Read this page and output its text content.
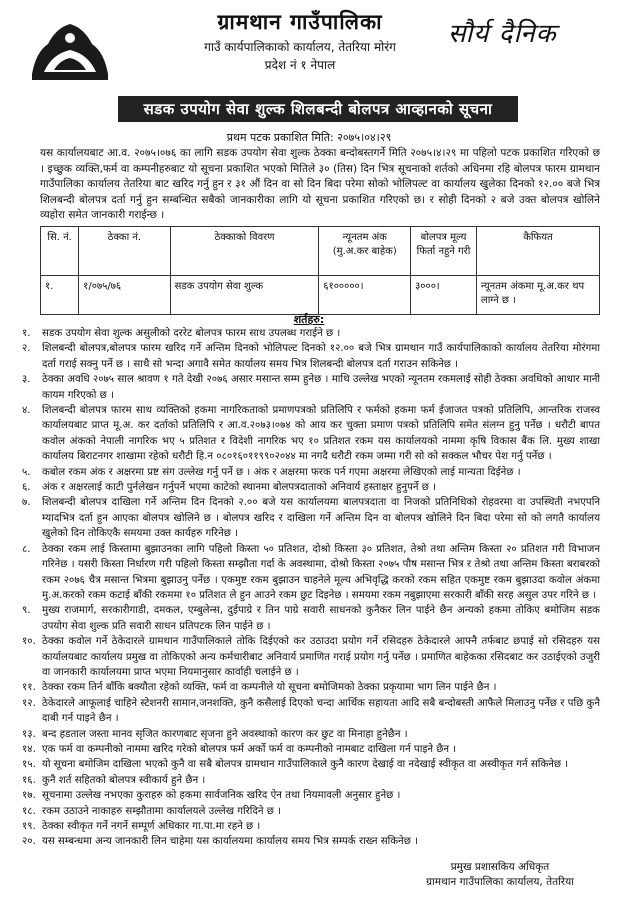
ग्रामथान गाउँपालिका
गाउँ कार्यपालिकाको कार्यालय, तेतरिया मोरंग
प्रदेश नं १ नेपाल
सौर्य दैनिक
सडक उपयोग सेवा शुल्क शिलबन्दी बोलपत्र आव्हानको सूचना
प्रथम पटक प्रकाशित मिति: २०७५।०४।२९
यस कार्यालयबाट आ.व. २०७५।०७६ का लागि सडक उपयोग सेवा शुल्क ठेक्का बन्दोबस्तगर्ने मिति २०७५।४।२९ मा पहिलो पटक प्रकाशित गरिएको छ । इच्छुक व्यक्ति,फर्म वा कम्पनीहरुबाट यो सूचना प्रकाशित भएको मितिले ३० (तिस) दिन भित्र सूचनाको शर्तको अधिनमा रहि बोलपत्र फारम ग्रामथान गाउँपालिका कार्यालय तेतरिया बाट खरिद गर्नु हुन र ३१ औं दिन वा सो दिन बिदा परेमा सोको भोलिपल्ट वा कार्यालय खुलेका दिनको १२.०० बजे भित्र शिलबन्दी बोलपत्र दर्ता गर्नु हुन सम्बन्धित सबैको जानकारीका लागि यो सूचना प्रकाशित गरिएको छ। र सोही दिनको २ बजे उक्त बोलपत्र खोलिने व्यहोरा समेत जानकारी गराईन्छ ।
सि. नं.	ठेक्का नं.	ठेक्काको विवरण	न्यूनतम अंक (मु.अ.कर बाहेक)	बोलपत्र मूल्य फिर्ता नहुने गरी	कैफियत
१.	१/०७५/७६	सडक उपयोग सेवा शुल्क	६१०००००।	३०००।	न्यूनतम अंकमा मू.अ.कर थप लाग्ने छ ।
शर्तहरु:
१.	सडक उपयोग सेवा शुल्क असुलीको दररेट बोलपत्र फारम साथ उपलब्ध गराईने छ ।
२.	शिलबन्दी बोलपत्र,बोलपत्र फारम खरिद गर्ने अन्तिम दिनको भोलिपल्ट दिनको १२.०० बजे भित्र ग्रामथान गाउँ कार्यपालिकाको कार्यालय तेतरिया मोरंगमा दर्ता गराई सक्नु पर्ने छ । साथै सो भन्दा अगावै समेत कार्यालय समय भित्र शिलबन्दी बोलपत्र दर्ता गराउन सकिनेछ ।
३.	ठेक्का अवधि २०७५ साल श्रावण १ गते देखी २०७६ असार मसान्त सम्म हुनेछ । माथि उल्लेख भएको न्यूनतम रकमलाई सोही ठेक्का अवधिको आधार मानी कायम गरिएको छ ।
४.	शिलबन्दी बोलपत्र फारम साथ व्यक्तिको हकमा नागरिकताको प्रमाणपत्रको प्रतिलिपि र फर्मको हकमा फर्म ईजाजत पत्रको प्रतिलिपि, आन्तरिक राजस्व कार्यालयबाट प्राप्त मू.अ. कर दर्ताको प्रतिलिपि र आ.व.२०७३।०७४ को आय कर चुक्ता प्रमाण पत्रको प्रतिलिपि समेत संलग्न हुनु पर्नेछ । धरौटी बापत कवोल अंकको नेपाली नागरिक भए ५ प्रतिशत र विदेशी नागरिक भए १० प्रतिशत रकम यस कार्यालयको नाममा कृषि विकास बैंक लि. मुख्य शाखा कार्यालय बिराटनगर शाखामा रहेको धरौटी हि.न ०८०१६०११९९०२०४४ मा नगदै धरौटी रकम जम्मा गरी सो को सक्कल भौचर पेश गर्नु पर्नेछ ।
५.	कबोल रकम अंक र अक्षरमा प्रष्ट संग उल्लेख गर्नु पर्ने छ । अंक र अक्षरमा फरक पर्न गएमा अक्षरमा लेखिएको लाई मान्यता दिईनेछ ।
६.	अंक र अक्षरलाई काटी पुर्नलेखन गर्नुपर्ने भएमा काटेको स्थानमा बोलपत्रदाताको अनिवार्य हस्ताक्षर हुनुपर्ने छ ।
७.	शिलबन्दी बोलपत्र दाखिला गर्ने अन्तिम दिन दिनको २.०० बजे यस कार्यालयमा बालपत्रदाता वा निजको प्रतिनिधिको रोहवरमा वा उपस्थिती नभएपनि म्यादभित्र दर्ता हुन आएका बोलपत्र खोलिने छ । बोलपत्र खरिद र दाखिला गर्ने अन्तिम दिन वा बोलपत्र खोलिने दिन बिदा परेमा सो को लगतै कार्यालय खुलेको दिन तोकिएकै समयमा उक्त कार्यहरु गरिनेछ ।
८.	ठेक्का रकम लाई किस्तामा बुझाउनका लागि पहिलो किस्ता ५० प्रतिशत, दोश्रो किस्ता ३० प्रतिशत, तेश्रो तथा अन्तिम किस्ता २० प्रतिशत गरी विभाजन गरिनेछ । यसरी किस्ता निर्धारण गरी पहिलो किस्ता सम्झौता गर्दा के अवस्थामा, दोश्रो किस्ता २०७५ पौष मसान्त भित्र र तेश्रो तथा अन्तिम किस्ता बराबरको रकम २०७६ चैत्र मसान्त भित्रमा बुझाउनु पर्नेछ । एकमुष्ट रकम बुझाउन चाहनेले मूल्य अभिवृद्धि करको रकम सहित एकमुष्ट रकम बुझाउदा कवोल अंकमा मु.अ.करको रकम कटाई बाँकी रकममा १० प्रतिशत ले हुन आउने रकम छुट दिइनेछ । समयमा रकम नबुझाएमा सरकारी बाँकी सरह असुल उपर गरिने छ ।
९.	मुख्य राजमार्ग, सरकारीगाडी, दमकल, एम्बुलेन्स, दुईपाग्रे र तिन पाग्रे सवारी साधनको कुनैकर लिन पाईने छैन अन्यको हकमा तोकिए बमोजिम सडक उपयोग सेवा शुल्क प्रति सवारी साधन प्रतिपटक लिन पाईने छ ।
१०. ठेक्का कवोल गर्ने ठेकेदारले ग्रामथान गाउँपालिकाले तोकि दिईएको कर उठाउदा प्रयोग गर्ने रसिदहरु ठेकेदारले आफ्नै तर्फबाट छपाई सो रसिदहरु यस कार्यालयबाट कार्यालय प्रमुख वा तोकिएको अन्य कर्मचारीबाट अनिवार्य प्रमाणित गराई प्रयोग गर्नु पर्नेछ । प्रमाणित बाहेकका रसिदबाट कर उठाईएको उजुरी वा जानकारी कार्यालयमा प्राप्त भएमा नियमानुसार कार्वाही चलाईने छ ।
११. ठेक्का रकम तिर्न बाँकि बक्यौता रहेको व्यक्ति, फर्म वा कम्पनीले यो सूचना बमोजिमको ठेक्का प्रकृयामा भाग लिन पाईने छैन ।
१२. ठेकेदारले आफूलाई चाहिने स्टेशनरी सामान,जनशक्ति, कुनै कसैलाई दिएको चन्दा आर्थिक सहायता आदि सबै बन्दोबस्ती आफैले मिलाउनु पर्नेछ र पछि कुनै दाबी गर्न पाइने छैन ।
१३. बन्द हडताल जस्ता मानव सृजित कारणबाट सृजना हुने अवस्थाको कारण कर छुट वा मिनाहा हुनेछैन ।
१४. एक फर्म वा कम्पनीको नाममा खरिद गरेको बोलपत्र फर्म अर्को फर्म वा कम्पनीको नामबाट दाखिला गर्न पाइने छैन ।
१५. यो सूचना बमोजिम दाखिला भएको कुनै वा सबै बोलपत्र ग्रामथान गाउँपालिकाले कुनै कारण देखाई वा नदेखाई स्वीकृत वा अस्वीकृत गर्न सकिनेछ ।
१६. कुनै शर्त सहितको बोलपत्र स्वीकार्य हुने छैन ।
१७. सूचनामा उल्लेख नभएका कुराहरु को हकमा सार्वजनिक खरिद ऐन तथा नियमावली अनुसार हुनेछ ।
१८. रकम उठाउने नाकाहरु सम्झौतामा कार्यालयले उल्लेख गरिदिने छ ।
१९. ठेक्का स्वीकृत गर्ने नगर्ने सम्पूर्ण अधिकार गा.पा.मा रहने छ ।
२०. यस सम्बन्धमा अन्य जानकारी लिन चाहेमा यस कार्यालयमा कार्यालय समय भित्र सम्पर्क राख्न सकिनेछ ।
प्रमुख प्रशासकिय अधिकृत
ग्रामथान गाउँपालिका कार्यालय, तेतरिया
